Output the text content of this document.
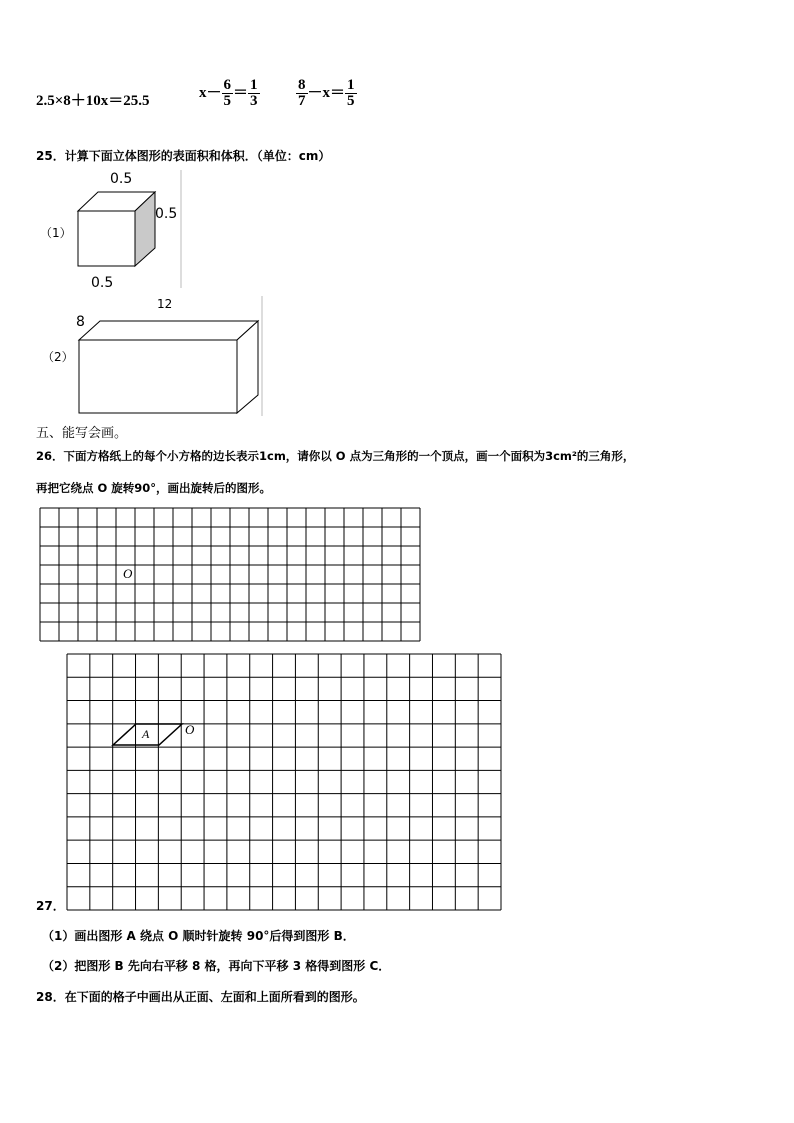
2.5×8＋10x＝25.5
$x- \frac{6}{5} = \frac{1}{3} \frac{8}{7} -x= \frac{1}{5}$
25．计算下面立体图形的表面积和体积．（单位：cm）
（1）
0.5
0.5
0.5
（2）
12
8
五、能写会画。
26．下面方格纸上的每个小方格的边长表示1cm，请你以 O 点为三角形的一个顶点，画一个面积为3cm²的三角形，
再把它绕点 O 旋转90°，画出旋转后的图形。
O
A	O
27．
（1）画出图形 A 绕点 O 顺时针旋转 90°后得到图形 B．
（2）把图形 B 先向右平移 8 格，再向下平移 3 格得到图形 C．
28．在下面的格子中画出从正面、左面和上面所看到的图形。
